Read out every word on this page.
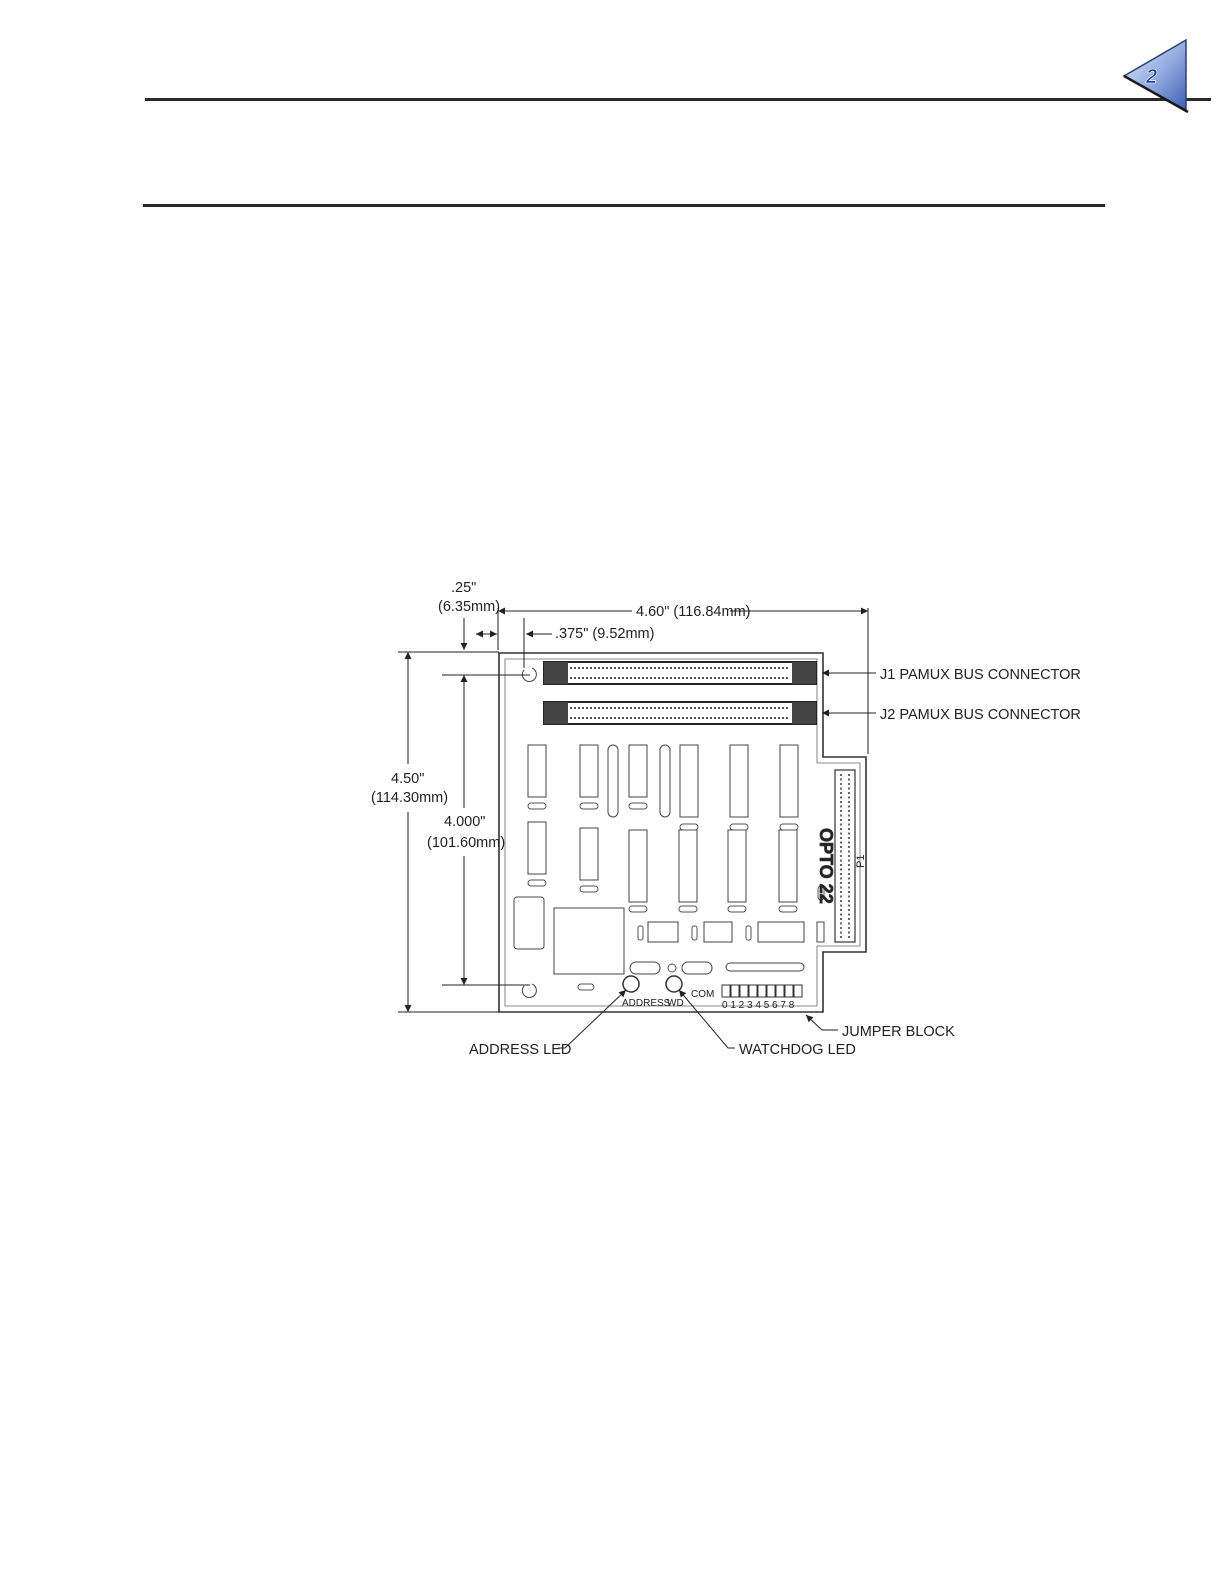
2
P1
OPTO 22
ADDRESS
WD
COM
0 1 2 3 4 5 6 7 8
.25"
(6.35mm)	4.60" (116.84mm)
.375" (9.52mm)
4.50"
(114.30mm)
4.000"
(101.60mm)
J1 PAMUX BUS CONNECTOR
J2 PAMUX BUS CONNECTOR
JUMPER BLOCK
ADDRESS LED	WATCHDOG LED
